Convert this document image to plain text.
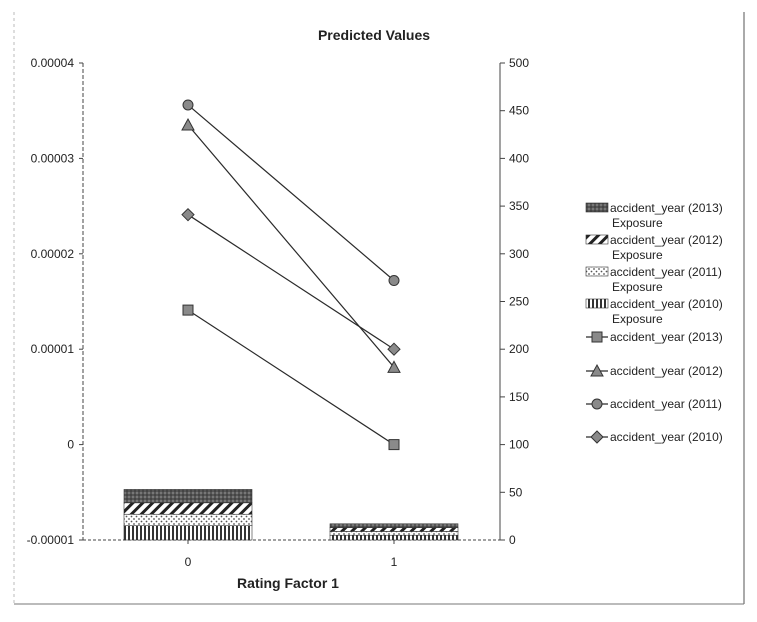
Predicted Values
Rating Factor 1
-0.00001
0
0.00001
0.00002
0.00003
0.00004
0
50
100
150
200
250
300
350
400
450
500
0	1
accident_year (2013) Exposure
accident_year (2012) Exposure
accident_year (2011) Exposure
accident_year (2010) Exposure
accident_year (2013)
accident_year (2012)
accident_year (2011)
accident_year (2010)
